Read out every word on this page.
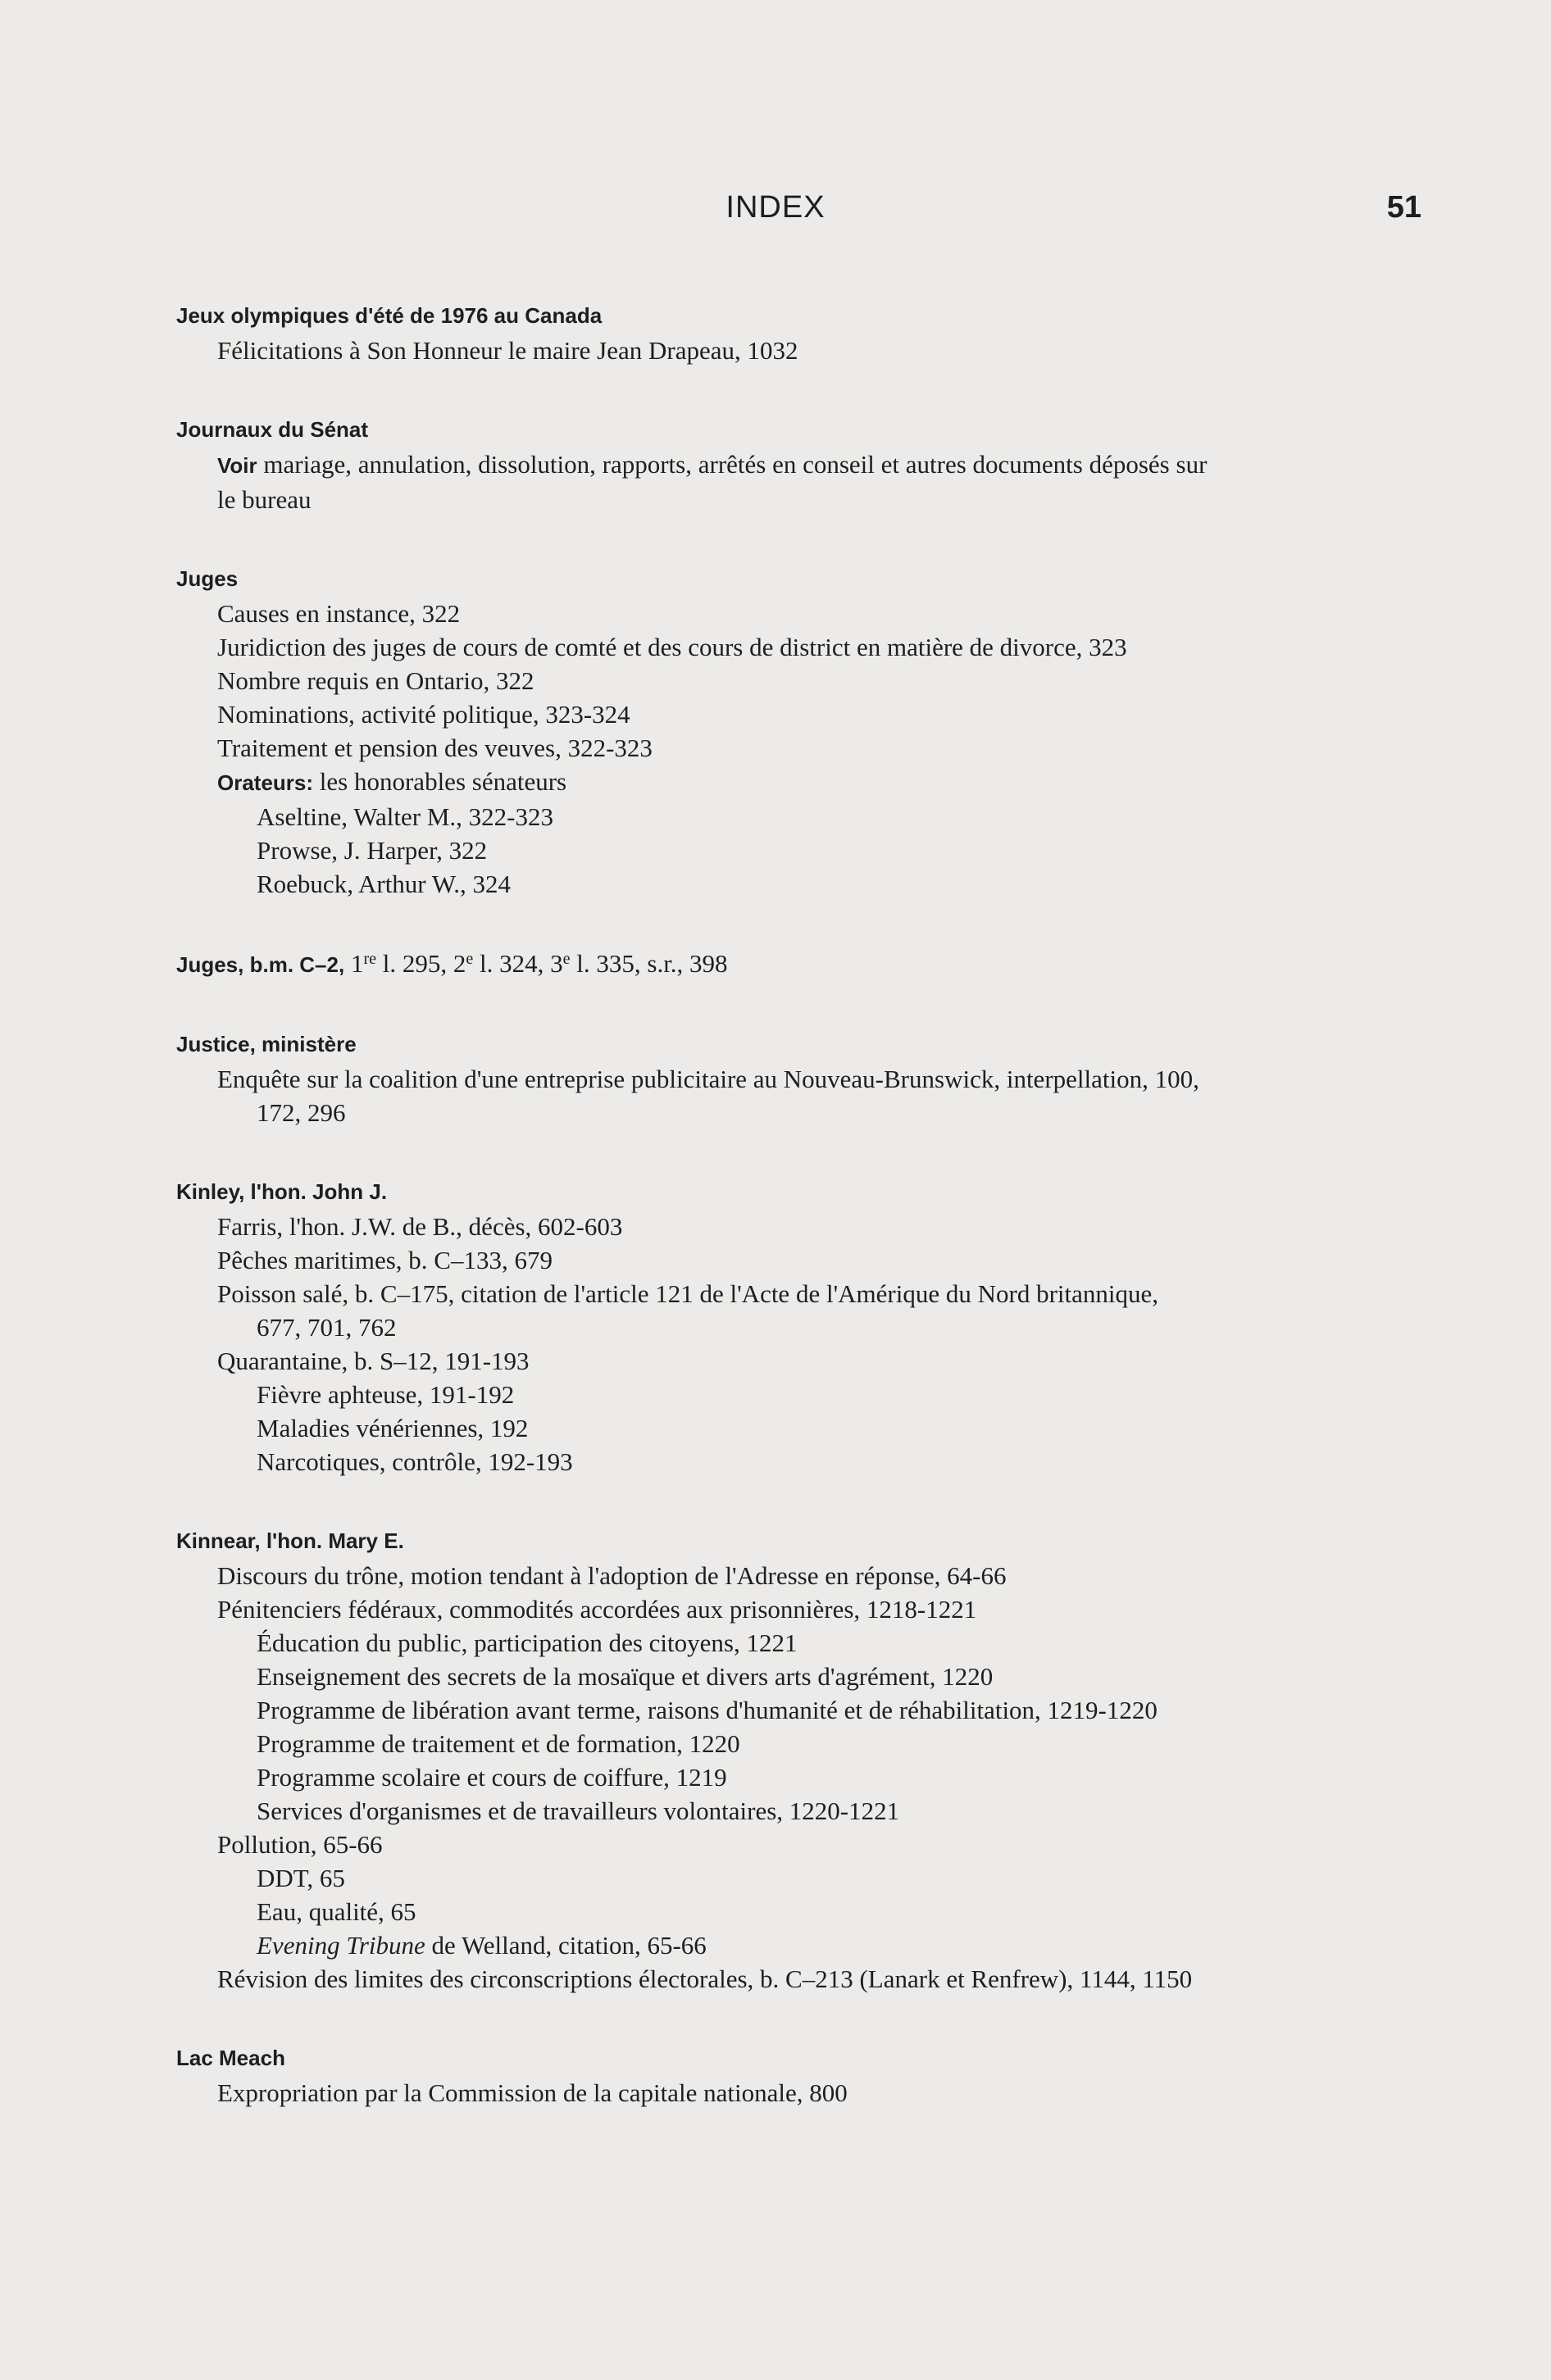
INDEX	51
Jeux olympiques d'été de 1976 au Canada
Félicitations à Son Honneur le maire Jean Drapeau, 1032
Journaux du Sénat
Voir mariage, annulation, dissolution, rapports, arrêtés en conseil et autres documents déposés sur
le bureau
Juges
Causes en instance, 322
Juridiction des juges de cours de comté et des cours de district en matière de divorce, 323
Nombre requis en Ontario, 322
Nominations, activité politique, 323-324
Traitement et pension des veuves, 322-323
Orateurs: les honorables sénateurs
Aseltine, Walter M., 322-323
Prowse, J. Harper, 322
Roebuck, Arthur W., 324
Juges, b.m. C–2, 1re l. 295, 2e l. 324, 3e l. 335, s.r., 398
Justice, ministère
Enquête sur la coalition d'une entreprise publicitaire au Nouveau-Brunswick, interpellation, 100,
172, 296
Kinley, l'hon. John J.
Farris, l'hon. J.W. de B., décès, 602-603
Pêches maritimes, b. C–133, 679
Poisson salé, b. C–175, citation de l'article 121 de l'Acte de l'Amérique du Nord britannique,
677, 701, 762
Quarantaine, b. S–12, 191-193
Fièvre aphteuse, 191-192
Maladies vénériennes, 192
Narcotiques, contrôle, 192-193
Kinnear, l'hon. Mary E.
Discours du trône, motion tendant à l'adoption de l'Adresse en réponse, 64-66
Pénitenciers fédéraux, commodités accordées aux prisonnières, 1218-1221
Éducation du public, participation des citoyens, 1221
Enseignement des secrets de la mosaïque et divers arts d'agrément, 1220
Programme de libération avant terme, raisons d'humanité et de réhabilitation, 1219-1220
Programme de traitement et de formation, 1220
Programme scolaire et cours de coiffure, 1219
Services d'organismes et de travailleurs volontaires, 1220-1221
Pollution, 65-66
DDT, 65
Eau, qualité, 65
Evening Tribune de Welland, citation, 65-66
Révision des limites des circonscriptions électorales, b. C–213 (Lanark et Renfrew), 1144, 1150
Lac Meach
Expropriation par la Commission de la capitale nationale, 800
